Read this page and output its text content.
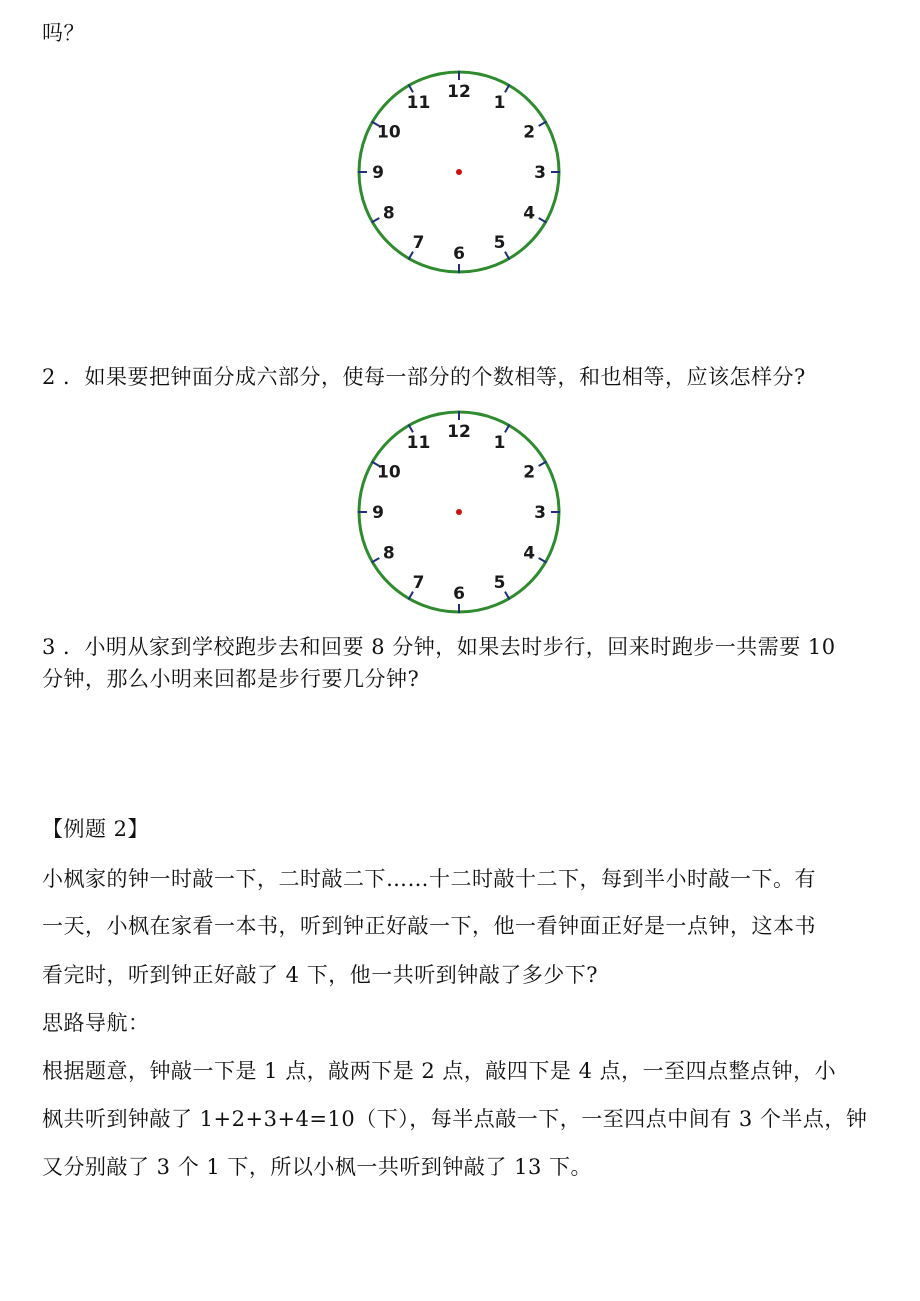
吗？

12
1
2
3
4
5
6
7
8
9
10
11

2 ．如果要把钟面分成六部分，使每一部分的个数相等，和也相等，应该怎样分?

12
1
2
3
4
5
6
7
8
9
10
11

3 ．小明从家到学校跑步去和回要 8 分钟，如果去时步行，回来时跑步一共需要 10

分钟，那么小明来回都是步行要几分钟?

【例题 2】

小枫家的钟一时敲一下，二时敲二下……十二时敲十二下，每到半小时敲一下。有

一天，小枫在家看一本书，听到钟正好敲一下，他一看钟面正好是一点钟，这本书

看完时，听到钟正好敲了 4 下，他一共听到钟敲了多少下?

思路导航：

根据题意，钟敲一下是 1 点，敲两下是 2 点，敲四下是 4 点，一至四点整点钟，小

枫共听到钟敲了 1+2+3+4=10（下），每半点敲一下，一至四点中间有 3 个半点，钟

又分别敲了 3 个 1 下，所以小枫一共听到钟敲了 13 下。
